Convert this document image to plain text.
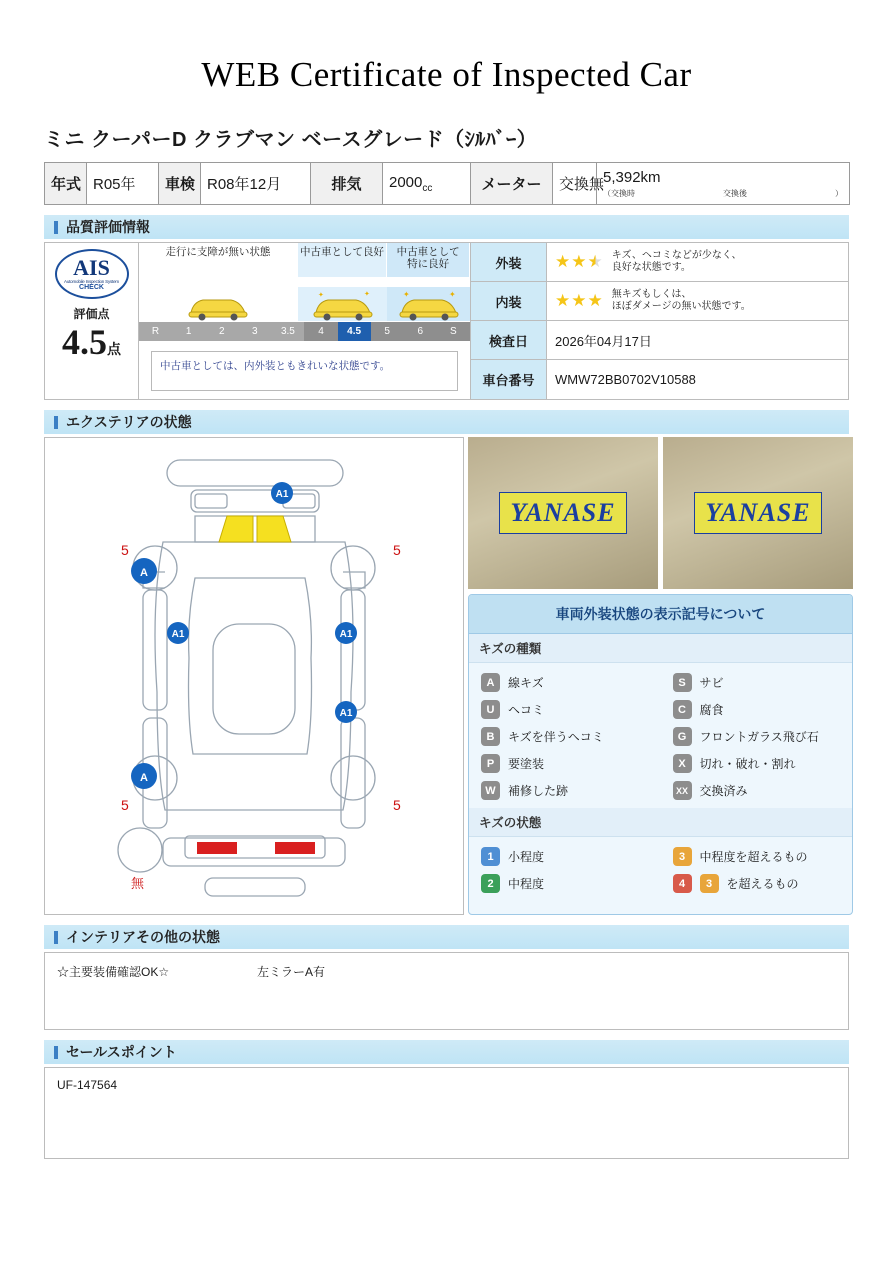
WEB Certificate of Inspected Car
ミニ クーパーD クラブマン ベースグレード（ｼﾙﾊﾞｰ）
年式	R05年	車検	R08年12月	排気	$2000_{cc}$	メーター	交換無	
5,392km
（交換時	交換後	）
品質評価情報
AIS
Automobile Inspection System
CHECK
評価点
4.5点
走行に支障が無い状態	中古車として良好	中古車として
特に良好
✦	✦	✦	✦
R	1	2	3	3.5	4	4.5	5	6	S
中古車としては、内外装ともきれいな状態です。
外装	★★★ キズ、ヘコミなどが少なく、
良好な状態です。
内装	★★★ 無キズもしくは、
ほぼダメージの無い状態です。
検査日	2026年04月17日
車台番号	WMW72BB0702V10588
エクステリアの状態
A1
A
A1	A1
A1
A
5	5
5	5
無
YANASE	YANASE
車両外装状態の表示記号について
キズの種類
A	線キズ	S	サビ
U	ヘコミ	C	腐食
B	キズを伴うヘコミ	G	フロントガラス飛び石
P	要塗装	X	切れ・破れ・割れ
W	補修した跡	XX 交換済み
キズの状態
1	小程度	3	中程度を超えるもの
2	中程度	4	3	を超えるもの
インテリアその他の状態
☆主要装備確認OK☆	左ミラーA有
セールスポイント
UF-147564
